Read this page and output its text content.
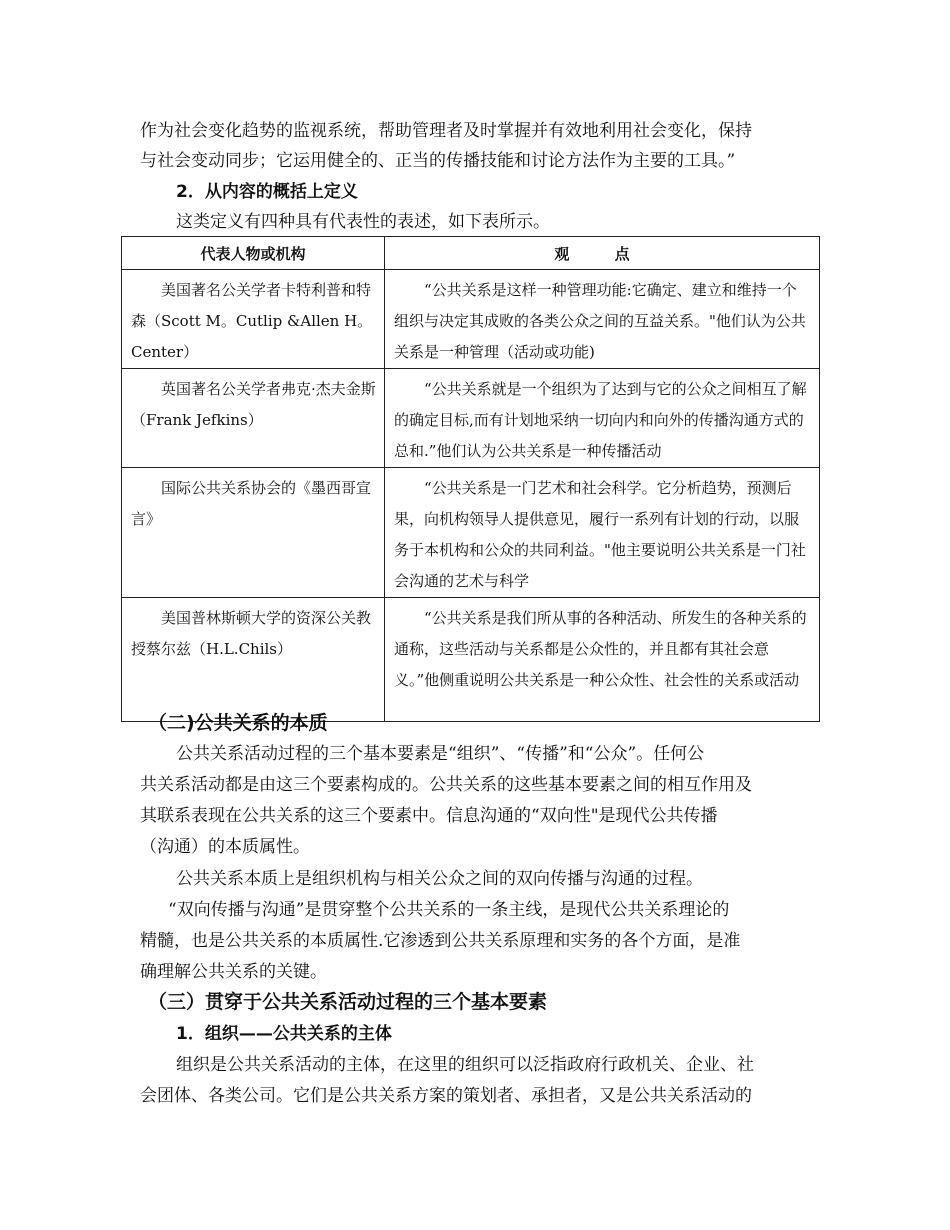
作为社会变化趋势的监视系统，帮助管理者及时掌握并有效地利用社会变化，保持

与社会变动同步；它运用健全的、正当的传播技能和讨论方法作为主要的工具。”

2．从内容的概括上定义

这类定义有四种具有代表性的表述，如下表所示。

代表人物或机构	观 点

美国著名公关学者卡特利普和特森（Scott M。Cutlip &Allen H。 Center）	“公共关系是这样一种管理功能:它确定、建立和维持一个组织与决定其成败的各类公众之间的互益关系。"他们认为公共关系是一种管理（活动或功能)

英国著名公关学者弗克·杰夫金斯（Frank Jefkins）	“公共关系就是一个组织为了达到与它的公众之间相互了解的确定目标,而有计划地采纳一切向内和向外的传播沟通方式的总和.”他们认为公共关系是一种传播活动

国际公共关系协会的《墨西哥宣言》	“公共关系是一门艺术和社会科学。它分析趋势，预测后果，向机构领导人提供意见，履行一系列有计划的行动，以服务于本机构和公众的共同利益。"他主要说明公共关系是一门社会沟通的艺术与科学

美国普林斯顿大学的资深公关教授蔡尔兹（H.L.Chils）	“公共关系是我们所从事的各种活动、所发生的各种关系的通称，这些活动与关系都是公众性的，并且都有其社会意义。”他侧重说明公共关系是一种公众性、社会性的关系或活动

（二)公共关系的本质

公共关系活动过程的三个基本要素是“组织”、“传播”和“公众”。任何公

共关系活动都是由这三个要素构成的。公共关系的这些基本要素之间的相互作用及

其联系表现在公共关系的这三个要素中。信息沟通的“双向性"是现代公共传播

（沟通）的本质属性。

公共关系本质上是组织机构与相关公众之间的双向传播与沟通的过程。

“双向传播与沟通”是贯穿整个公共关系的一条主线，是现代公共关系理论的

精髓，也是公共关系的本质属性.它渗透到公共关系原理和实务的各个方面，是准

确理解公共关系的关键。

（三）贯穿于公共关系活动过程的三个基本要素

1．组织——公共关系的主体

组织是公共关系活动的主体，在这里的组织可以泛指政府行政机关、企业、社

会团体、各类公司。它们是公共关系方案的策划者、承担者，又是公共关系活动的
